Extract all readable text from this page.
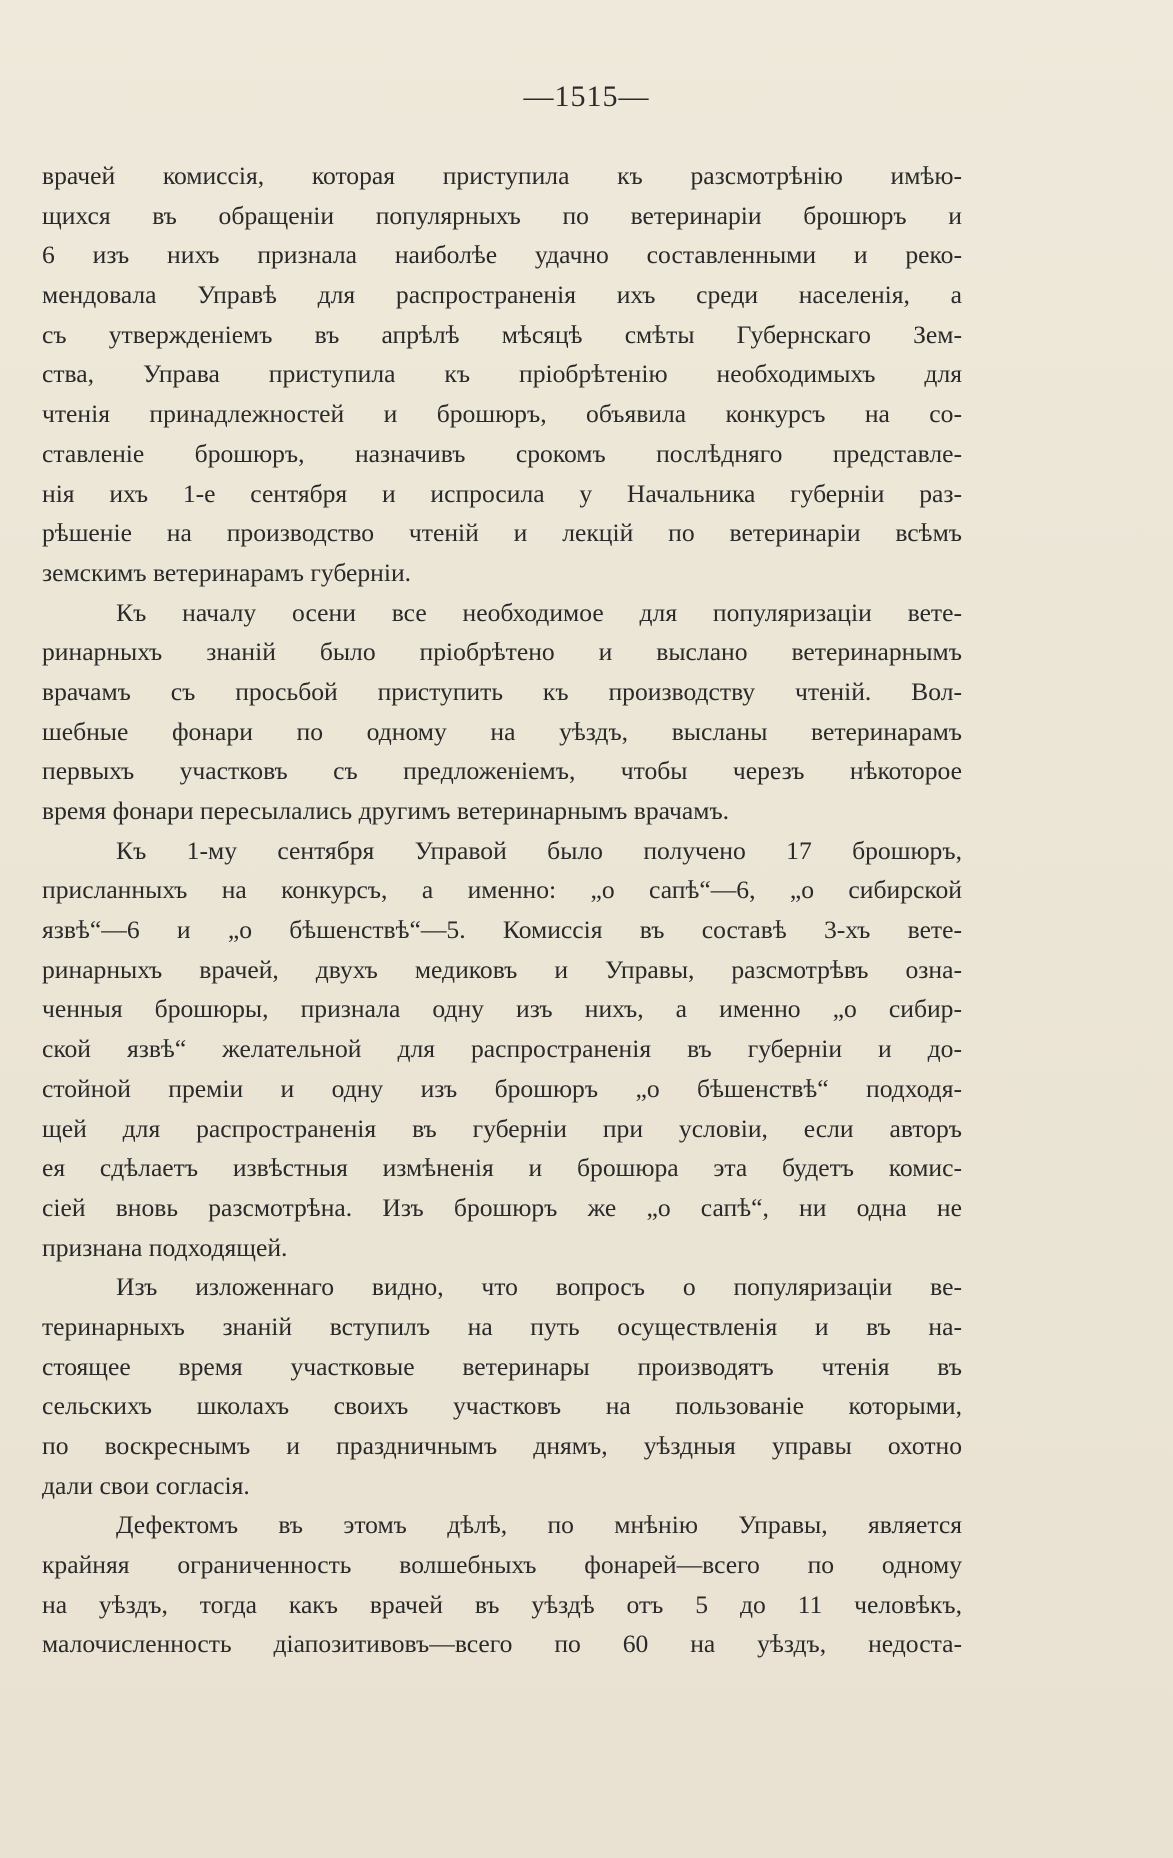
—1515—
врачей комиссія, которая приступила къ разсмотрѣнію имѣю-
щихся въ обращеніи популярныхъ по ветеринаріи брошюръ и
6 изъ нихъ признала наиболѣе удачно составленными и реко-
мендовала Управѣ для распространенія ихъ среди населенія, а
съ утвержденіемъ въ апрѣлѣ мѣсяцѣ смѣты Губернскаго Зем-
ства, Управа приступила къ пріобрѣтенію необходимыхъ для
чтенія принадлежностей и брошюръ, объявила конкурсъ на со-
ставленіе брошюръ, назначивъ срокомъ послѣдняго представле-
нія ихъ 1-е сентября и испросила у Начальника губерніи раз-
рѣшеніе на производство чтеній и лекцій по ветеринаріи всѣмъ
земскимъ ветеринарамъ губерніи.
Къ началу осени все необходимое для популяризаціи вете-
ринарныхъ знаній было пріобрѣтено и выслано ветеринарнымъ
врачамъ съ просьбой приступить къ производству чтеній. Вол-
шебные фонари по одному на уѣздъ, высланы ветеринарамъ
первыхъ участковъ съ предложеніемъ, чтобы черезъ нѣкоторое
время фонари пересылались другимъ ветеринарнымъ врачамъ.
Къ 1-му сентября Управой было получено 17 брошюръ,
присланныхъ на конкурсъ, а именно: „о сапѣ“—6, „о сибирской
язвѣ“—6 и „о бѣшенствѣ“—5. Комиссія въ составѣ 3-хъ вете-
ринарныхъ врачей, двухъ медиковъ и Управы, разсмотрѣвъ озна-
ченныя брошюры, признала одну изъ нихъ, а именно „о сибир-
ской язвѣ“ желательной для распространенія въ губерніи и до-
стойной преміи и одну изъ брошюръ „о бѣшенствѣ“ подходя-
щей для распространенія въ губерніи при условіи, если авторъ
ея сдѣлаетъ извѣстныя измѣненія и брошюра эта будетъ комис-
сіей вновь разсмотрѣна. Изъ брошюръ же „о сапѣ“, ни одна не
признана подходящей.
Изъ изложеннаго видно, что вопросъ о популяризаціи ве-
теринарныхъ знаній вступилъ на путь осуществленія и въ на-
стоящее время участковые ветеринары производятъ чтенія въ
сельскихъ школахъ своихъ участковъ на пользованіе которыми,
по воскреснымъ и праздничнымъ днямъ, уѣздныя управы охотно
дали свои согласія.
Дефектомъ въ этомъ дѣлѣ, по мнѣнію Управы, является
крайняя ограниченность волшебныхъ фонарей—всего по одному
на уѣздъ, тогда какъ врачей въ уѣздѣ отъ 5 до 11 человѣкъ,
малочисленность діапозитивовъ—всего по 60 на уѣздъ, недоста-
